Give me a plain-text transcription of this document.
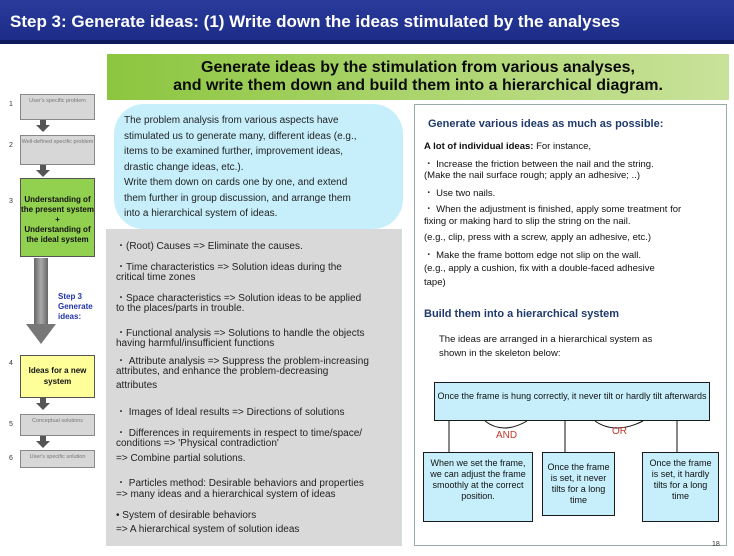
Step 3: Generate ideas: (1) Write down the ideas stimulated by the analyses
Generate ideas by the stimulation from various analyses,
and write them down and build them into a hierarchical diagram.
1	User's specific problem
2 Well-defined specific problem
3	Understanding of the present system
+
Understanding of the ideal system
Step 3 Generate ideas:
4
Ideas for a new system
5	Conceptual solutions
6	User's specific solution
The problem analysis from various aspects have
stimulated us to generate many, different ideas (e.g.,
items to be examined further, improvement ideas,
drastic change ideas, etc.).
Write them down on cards one by one, and extend
them further in group discussion, and arrange them
into a hierarchical system of ideas.
・(Root) Causes => Eliminate the causes.
・Time characteristics => Solution ideas during the
critical time zones
・Space characteristics => Solution ideas to be applied
to the places/parts in trouble.
・Functional analysis => Solutions to handle the objects
having harmful/insufficient functions
・ Attribute analysis => Suppress the problem-increasing
attributes, and enhance the problem-decreasing
attributes
・ Images of Ideal results => Directions of solutions
・ Differences in requirements in respect to time/space/
conditions => 'Physical contradiction'
=> Combine partial solutions.
・ Particles method: Desirable behaviors and properties
=> many ideas and a hierarchical system of ideas
• System of desirable behaviors
=> A hierarchical system of solution ideas
Generate various ideas as much as possible:
A lot of individual ideas: For instance,
・ Increase the friction between the nail and the string.
(Make the nail surface rough; apply an adhesive; ..)
・ Use two nails.
・ When the adjustment is finished, apply some treatment for
fixing or making hard to slip the string on the nail.
(e.g., clip, press with a screw, apply an adhesive, etc.)
・ Make the frame bottom edge not slip on the wall.
(e.g., apply a cushion, fix with a double-faced adhesive
tape)
Build them into a hierarchical system
The ideas are arranged in a hierarchical system as
shown in the skeleton below:
Once the frame is hung correctly, it never tilt or hardly tilt afterwards
AND	OR
When we set the frame, we can adjust the frame smoothly at the correct position.
Once the frame is set, it never tilts for a long time
Once the frame is set, it hardly tilts for a long time
18
